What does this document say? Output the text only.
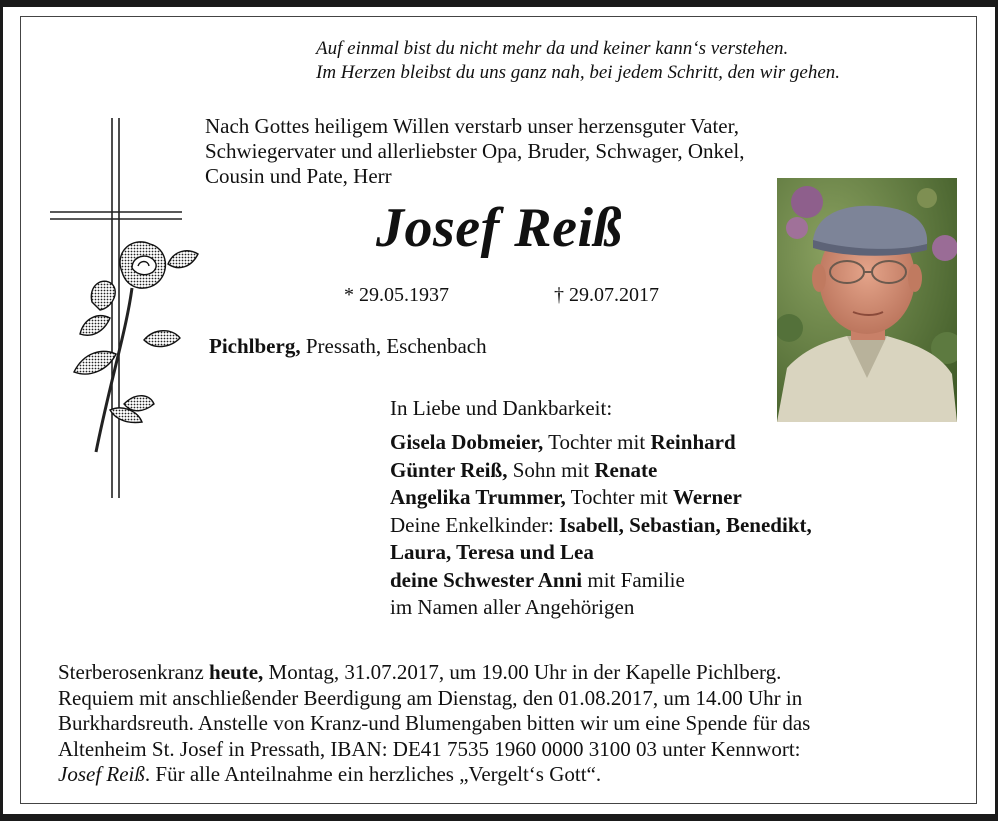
Auf einmal bist du nicht mehr da und keiner kann‘s verstehen.
Im Herzen bleibst du uns ganz nah, bei jedem Schritt, den wir gehen.
Nach Gottes heiligem Willen verstarb unser herzensguter Vater,
Schwiegervater und allerliebster Opa, Bruder, Schwager, Onkel,
Cousin und Pate, Herr
Josef Reiß
* 29.05.1937	† 29.07.2017
Pichlberg, Pressath, Eschenbach
In Liebe und Dankbarkeit:
Gisela Dobmeier, Tochter mit Reinhard
Günter Reiß, Sohn mit Renate
Angelika Trummer, Tochter mit Werner
Deine Enkelkinder: Isabell, Sebastian, Benedikt,
Laura, Teresa und Lea
deine Schwester Anni mit Familie
im Namen aller Angehörigen
Sterberosenkranz heute, Montag, 31.07.2017, um 19.00 Uhr in der Kapelle Pichlberg.
Requiem mit anschließender Beerdigung am Dienstag, den 01.08.2017, um 14.00 Uhr in
Burkhardsreuth. Anstelle von Kranz-und Blumengaben bitten wir um eine Spende für das
Altenheim St. Josef in Pressath, IBAN: DE41 7535 1960 0000 3100 03 unter Kennwort:
Josef Reiß. Für alle Anteilnahme ein herzliches „Vergelt‘s Gott“.
